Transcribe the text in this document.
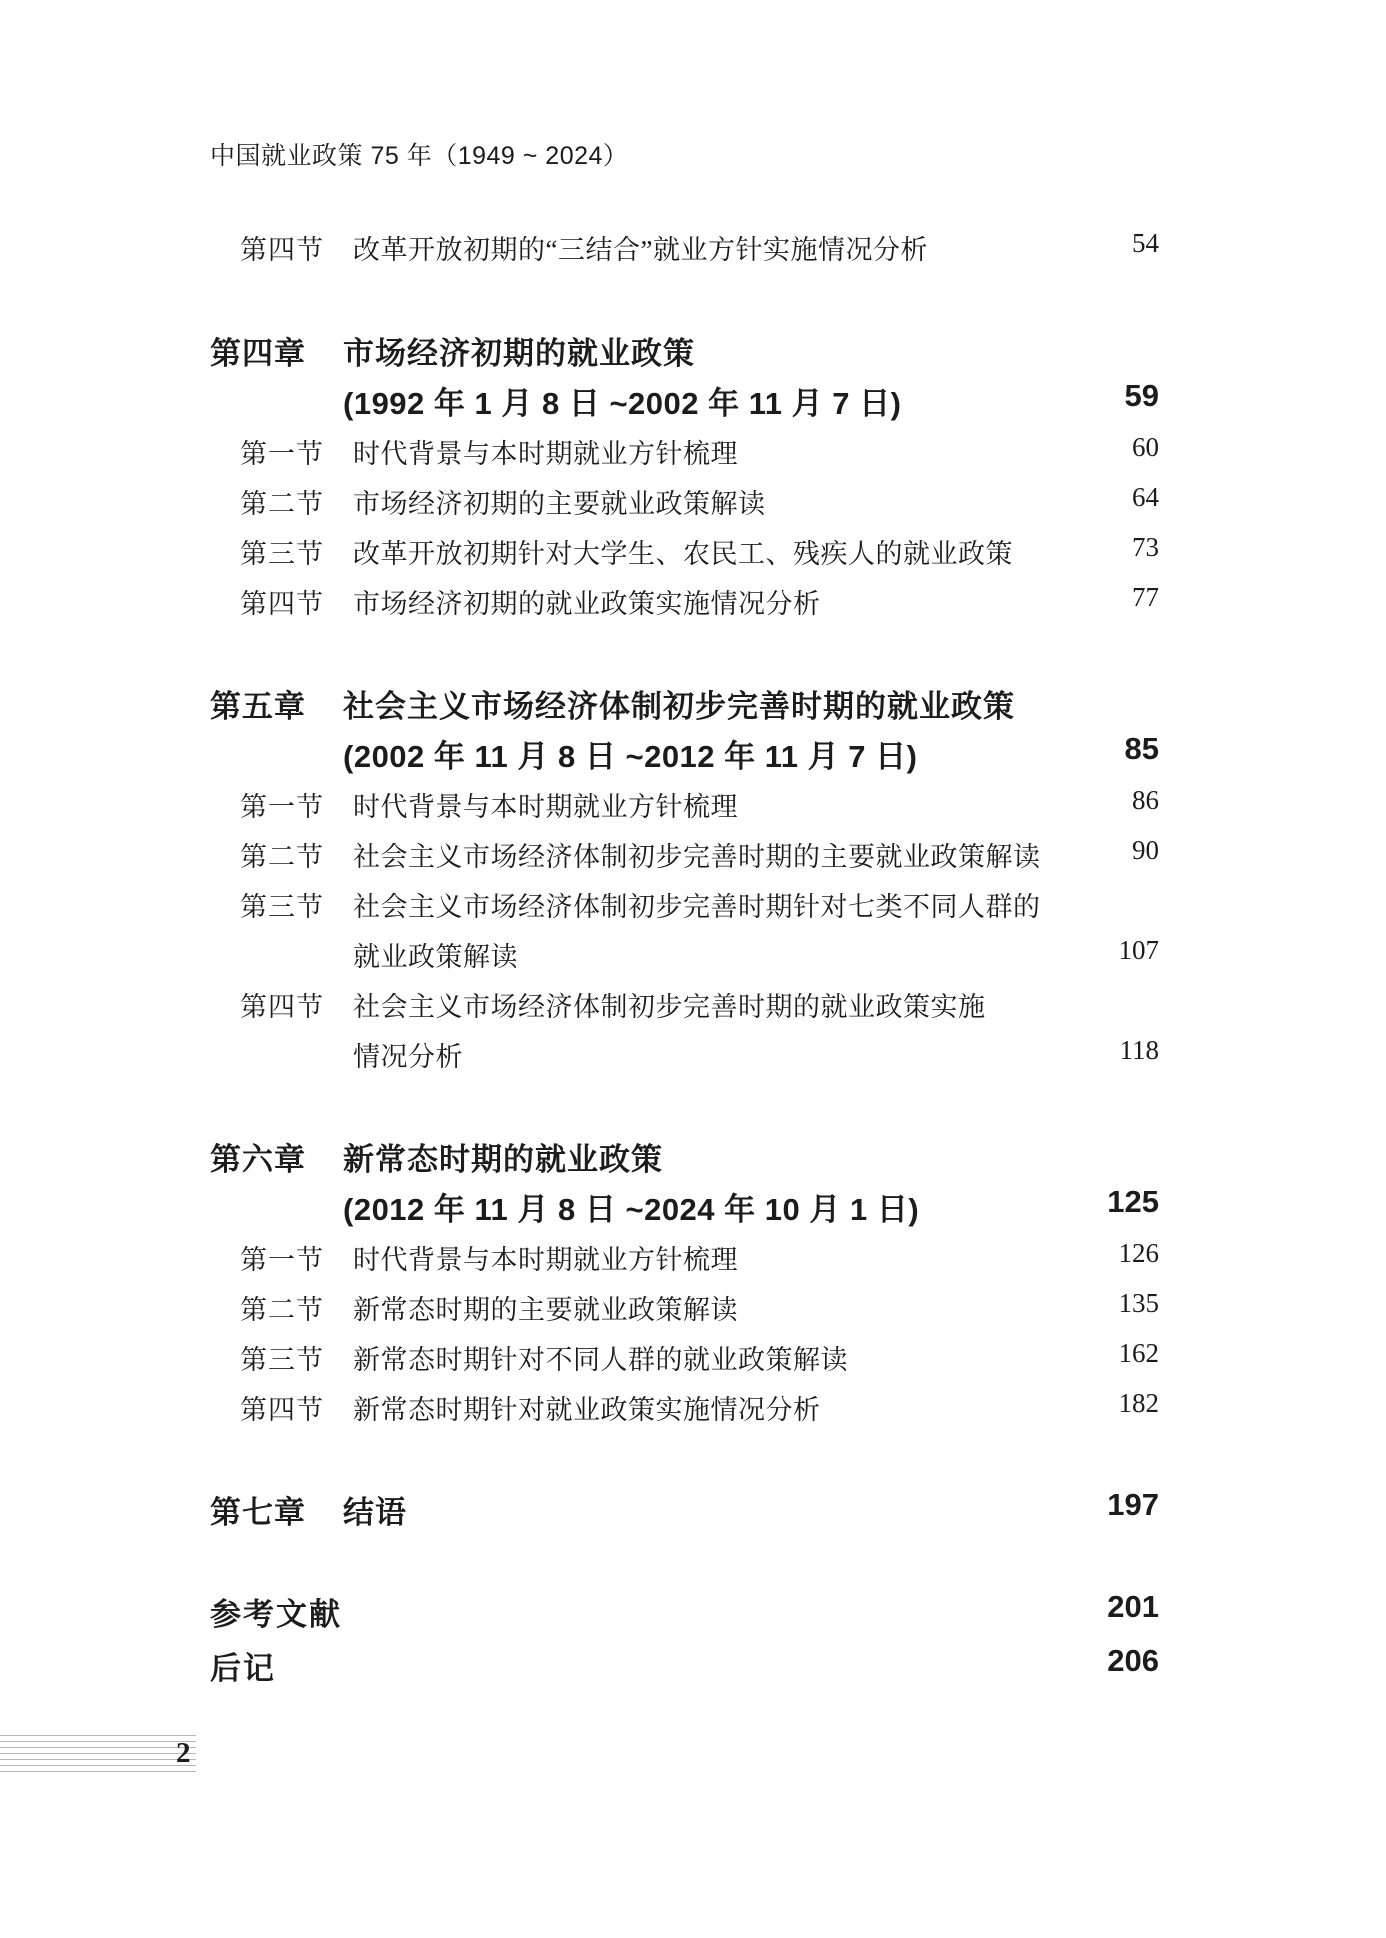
中国就业政策 75 年（1949 ~ 2024）
第四节 改革开放初期的“三结合”就业方针实施情况分析	54
第四章 市场经济初期的就业政策
(1992 年 1 月 8 日 ~2002 年 11 月 7 日)	59
第一节 时代背景与本时期就业方针梳理	60
第二节 市场经济初期的主要就业政策解读	64
第三节 改革开放初期针对大学生、农民工、残疾人的就业政策	73
第四节 市场经济初期的就业政策实施情况分析	77
第五章 社会主义市场经济体制初步完善时期的就业政策
(2002 年 11 月 8 日 ~2012 年 11 月 7 日)	85
第一节 时代背景与本时期就业方针梳理	86
第二节 社会主义市场经济体制初步完善时期的主要就业政策解读	90
第三节 社会主义市场经济体制初步完善时期针对七类不同人群的
就业政策解读	107
第四节 社会主义市场经济体制初步完善时期的就业政策实施
情况分析	118
第六章 新常态时期的就业政策
(2012 年 11 月 8 日 ~2024 年 10 月 1 日)	125
第一节 时代背景与本时期就业方针梳理	126
第二节 新常态时期的主要就业政策解读	135
第三节 新常态时期针对不同人群的就业政策解读	162
第四节 新常态时期针对就业政策实施情况分析	182
第七章 结语	197
参考文献	201
后记	206
2
